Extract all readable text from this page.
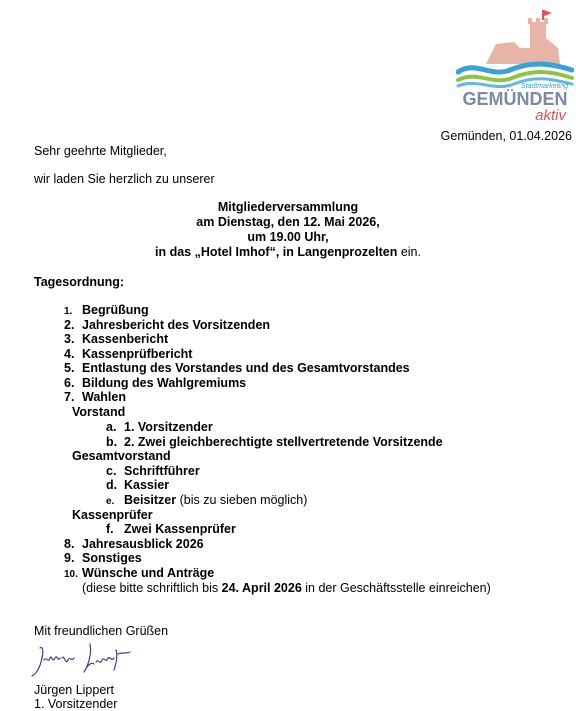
Stadtmarketing
GEMÜNDEN
aktiv
Gemünden, 01.04.2026
Sehr geehrte Mitglieder,
wir laden Sie herzlich zu unserer
Mitgliederversammlung
am Dienstag, den 12. Mai 2026,
um 19.00 Uhr,
in das „Hotel Imhof“, in Langenprozelten ein.
Tagesordnung:
1. Begrüßung
2. Jahresbericht des Vorsitzenden
3. Kassenbericht
4. Kassenprüfbericht
5. Entlastung des Vorstandes und des Gesamtvorstandes
6. Bildung des Wahlgremiums
7. Wahlen
Vorstand
a. 1. Vorsitzender
b. 2. Zwei gleichberechtigte stellvertretende Vorsitzende
Gesamtvorstand
c. Schriftführer
d. Kassier
e. Beisitzer (bis zu sieben möglich)
Kassenprüfer
f. Zwei Kassenprüfer
8. Jahresausblick 2026
9. Sonstiges
10. Wünsche und Anträge
(diese bitte schriftlich bis 24. April 2026 in der Geschäftsstelle einreichen)
Mit freundlichen Grüßen
Jürgen Lippert
1. Vorsitzender
